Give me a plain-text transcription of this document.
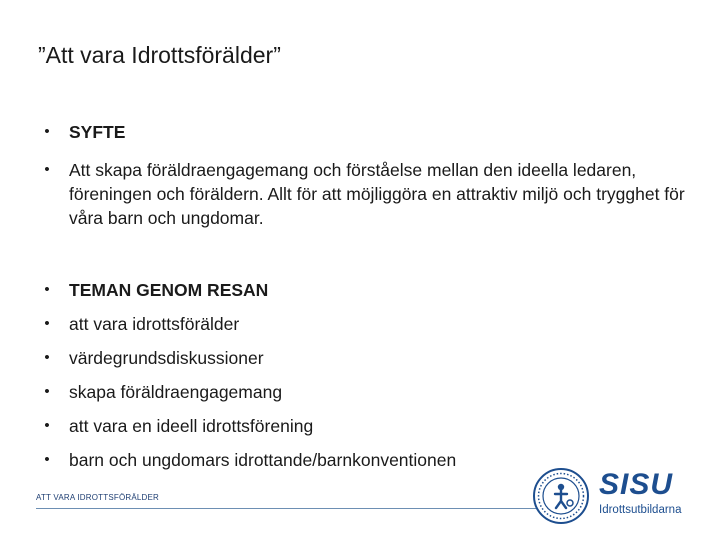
”Att vara Idrottsförälder”
• SYFTE
• Att skapa föräldraengagemang och förståelse mellan den ideella ledaren, föreningen och föräldern. Allt för att möjliggöra en attraktiv miljö och trygghet för våra barn och ungdomar.
• TEMAN GENOM RESAN
• att vara idrottsförälder
• värdegrundsdiskussioner
• skapa föräldraengagemang
• att vara en ideell idrottsförening
• barn och ungdomars idrottande/barnkonventionen
ATT VARA IDROTTSFÖRÄLDER	SISU
Idrottsutbildarna
